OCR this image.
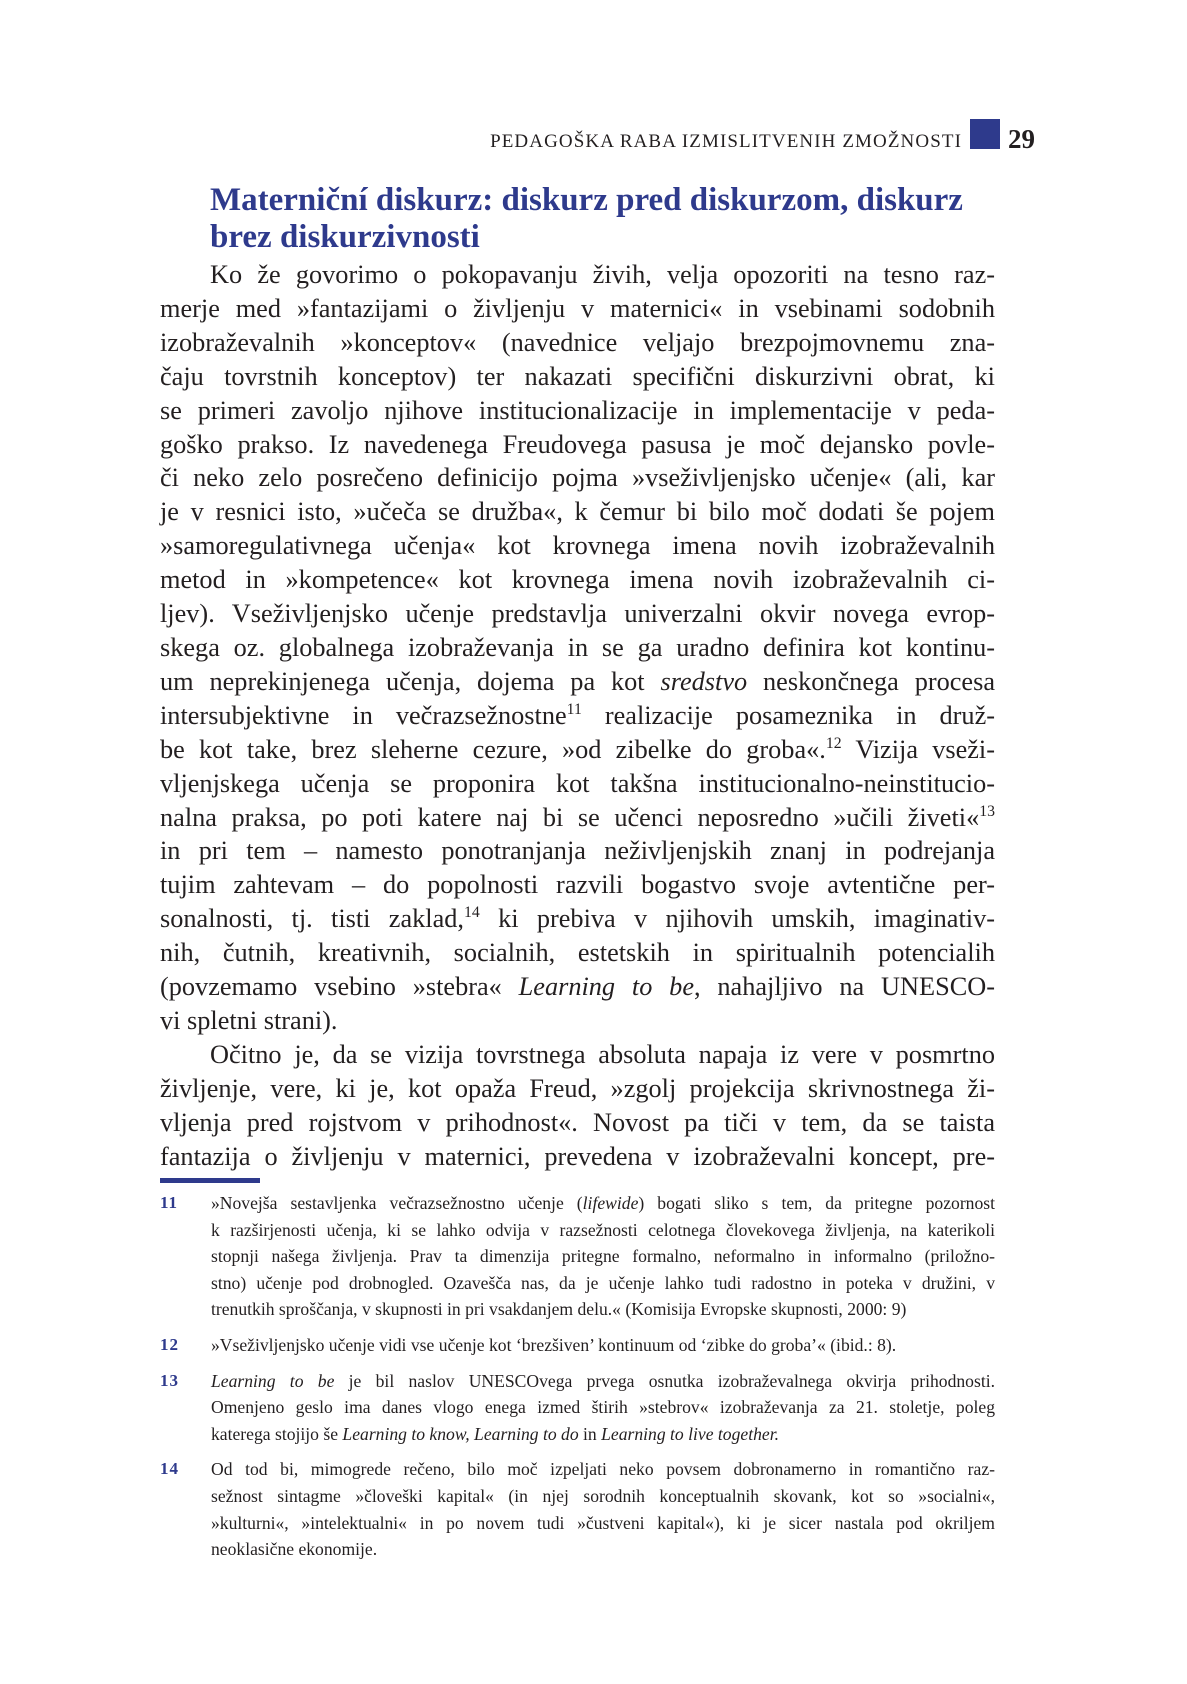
PEDAGOŠKA RABA IZMISLITVENIH ZMOŽNOSTI 29
Materniční diskurz: diskurz pred diskurzom, diskurz
brez diskurzivnosti

Ko že govorimo o pokopavanju živih, velja opozoriti na tesno raz-
merje med »fantazijami o življenju v maternici« in vsebinami sodobnih
izobraževalnih »konceptov« (navednice veljajo brezpojmovnemu zna-
čaju tovrstnih konceptov) ter nakazati specifični diskurzivni obrat, ki
se primeri zavoljo njihove institucionalizacije in implementacije v peda-
goško prakso. Iz navedenega Freudovega pasusa je moč dejansko povle-
či neko zelo posrečeno definicijo pojma »vseživljenjsko učenje« (ali, kar
je v resnici isto, »učeča se družba«, k čemur bi bilo moč dodati še pojem
»samoregulativnega učenja« kot krovnega imena novih izobraževalnih
metod in »kompetence« kot krovnega imena novih izobraževalnih ci-
ljev). Vseživljenjsko učenje predstavlja univerzalni okvir novega evrop-
skega oz. globalnega izobraževanja in se ga uradno definira kot kontinu-
um neprekinjenega učenja, dojema pa kot sredstvo neskončnega procesa
intersubjektivne in večrazsežnostne$^{11}$ realizacije posameznika in druž-
be kot take, brez sleherne cezure, »od zibelke do groba«.$^{12}$ Vizija vseži-
vljenjskega učenja se proponira kot takšna institucionalno-neinstitucio-
nalna praksa, po poti katere naj bi se učenci neposredno »učili živeti«$^{13}$
in pri tem – namesto ponotranjanja neživljenjskih znanj in podrejanja
tujim zahtevam – do popolnosti razvili bogastvo svoje avtentične per-
sonalnosti, tj. tisti zaklad,$^{14}$ ki prebiva v njihovih umskih, imaginativ-
nih, čutnih, kreativnih, socialnih, estetskih in spiritualnih potencialih
(povzemamo vsebino »stebra« Learning to be, nahajljivo na UNESCO-
vi spletni strani).

Očitno je, da se vizija tovrstnega absoluta napaja iz vere v posmrtno
življenje, vere, ki je, kot opaža Freud, »zgolj projekcija skrivnostnega ži-
vljenja pred rojstvom v prihodnost«. Novost pa tiči v tem, da se taista
fantazija o življenju v maternici, prevedena v izobraževalni koncept, pre-

11 »Novejša sestavljenka večrazsežnostno učenje (lifewide) bogati sliko s tem, da pritegne pozornost
k razširjenosti učenja, ki se lahko odvija v razsežnosti celotnega človekovega življenja, na katerikoli
stopnji našega življenja. Prav ta dimenzija pritegne formalno, neformalno in informalno (priložno-
stno) učenje pod drobnogled. Ozavešča nas, da je učenje lahko tudi radostno in poteka v družini, v
trenutkih sproščanja, v skupnosti in pri vsakdanjem delu.« (Komisija Evropske skupnosti, 2000: 9)
12 »Vseživljenjsko učenje vidi vse učenje kot ‘brezšiven’ kontinuum od ‘zibke do groba’« (ibid.: 8).
13 Learning to be je bil naslov UNESCOvega prvega osnutka izobraževalnega okvirja prihodnosti.
Omenjeno geslo ima danes vlogo enega izmed štirih »stebrov« izobraževanja za 21. stoletje, poleg
katerega stojijo še Learning to know, Learning to do in Learning to live together.
14 Od tod bi, mimogrede rečeno, bilo moč izpeljati neko povsem dobronamerno in romantično raz-
sežnost sintagme »človeški kapital« (in njej sorodnih konceptualnih skovank, kot so »socialni«,
»kulturni«, »intelektualni« in po novem tudi »čustveni kapital«), ki je sicer nastala pod okriljem
neoklasične ekonomije.
